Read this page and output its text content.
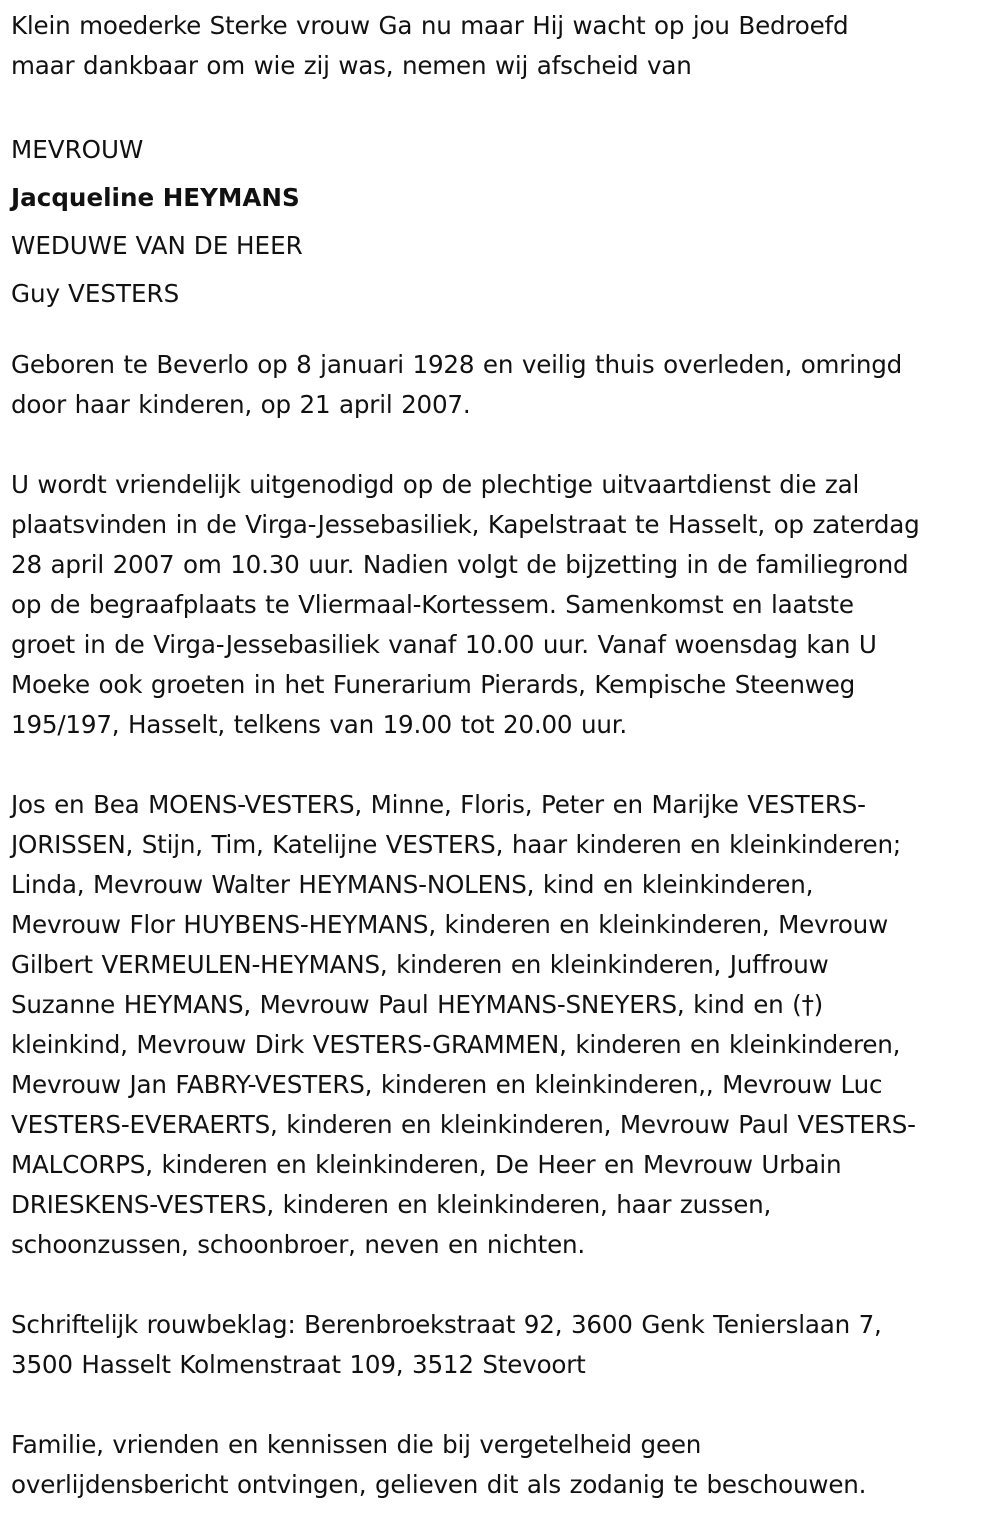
Klein moederke Sterke vrouw Ga nu maar Hij wacht op jou Bedroefd
maar dankbaar om wie zij was, nemen wij afscheid van

MEVROUW
Jacqueline HEYMANS
WEDUWE VAN DE HEER
Guy VESTERS

Geboren te Beverlo op 8 januari 1928 en veilig thuis overleden, omringd
door haar kinderen, op 21 april 2007.

U wordt vriendelijk uitgenodigd op de plechtige uitvaartdienst die zal
plaatsvinden in de Virga-Jessebasiliek, Kapelstraat te Hasselt, op zaterdag
28 april 2007 om 10.30 uur. Nadien volgt de bijzetting in de familiegrond
op de begraafplaats te Vliermaal-Kortessem. Samenkomst en laatste
groet in de Virga-Jessebasiliek vanaf 10.00 uur. Vanaf woensdag kan U
Moeke ook groeten in het Funerarium Pierards, Kempische Steenweg
195/197, Hasselt, telkens van 19.00 tot 20.00 uur.

Jos en Bea MOENS-VESTERS, Minne, Floris, Peter en Marijke VESTERS-
JORISSEN, Stijn, Tim, Katelijne VESTERS, haar kinderen en kleinkinderen;
Linda, Mevrouw Walter HEYMANS-NOLENS, kind en kleinkinderen,
Mevrouw Flor HUYBENS-HEYMANS, kinderen en kleinkinderen, Mevrouw
Gilbert VERMEULEN-HEYMANS, kinderen en kleinkinderen, Juffrouw
Suzanne HEYMANS, Mevrouw Paul HEYMANS-SNEYERS, kind en (†)
kleinkind, Mevrouw Dirk VESTERS-GRAMMEN, kinderen en kleinkinderen,
Mevrouw Jan FABRY-VESTERS, kinderen en kleinkinderen,, Mevrouw Luc
VESTERS-EVERAERTS, kinderen en kleinkinderen, Mevrouw Paul VESTERS-
MALCORPS, kinderen en kleinkinderen, De Heer en Mevrouw Urbain
DRIESKENS-VESTERS, kinderen en kleinkinderen, haar zussen,
schoonzussen, schoonbroer, neven en nichten.

Schriftelijk rouwbeklag: Berenbroekstraat 92, 3600 Genk Tenierslaan 7,
3500 Hasselt Kolmenstraat 109, 3512 Stevoort

Familie, vrienden en kennissen die bij vergetelheid geen
overlijdensbericht ontvingen, gelieven dit als zodanig te beschouwen.
